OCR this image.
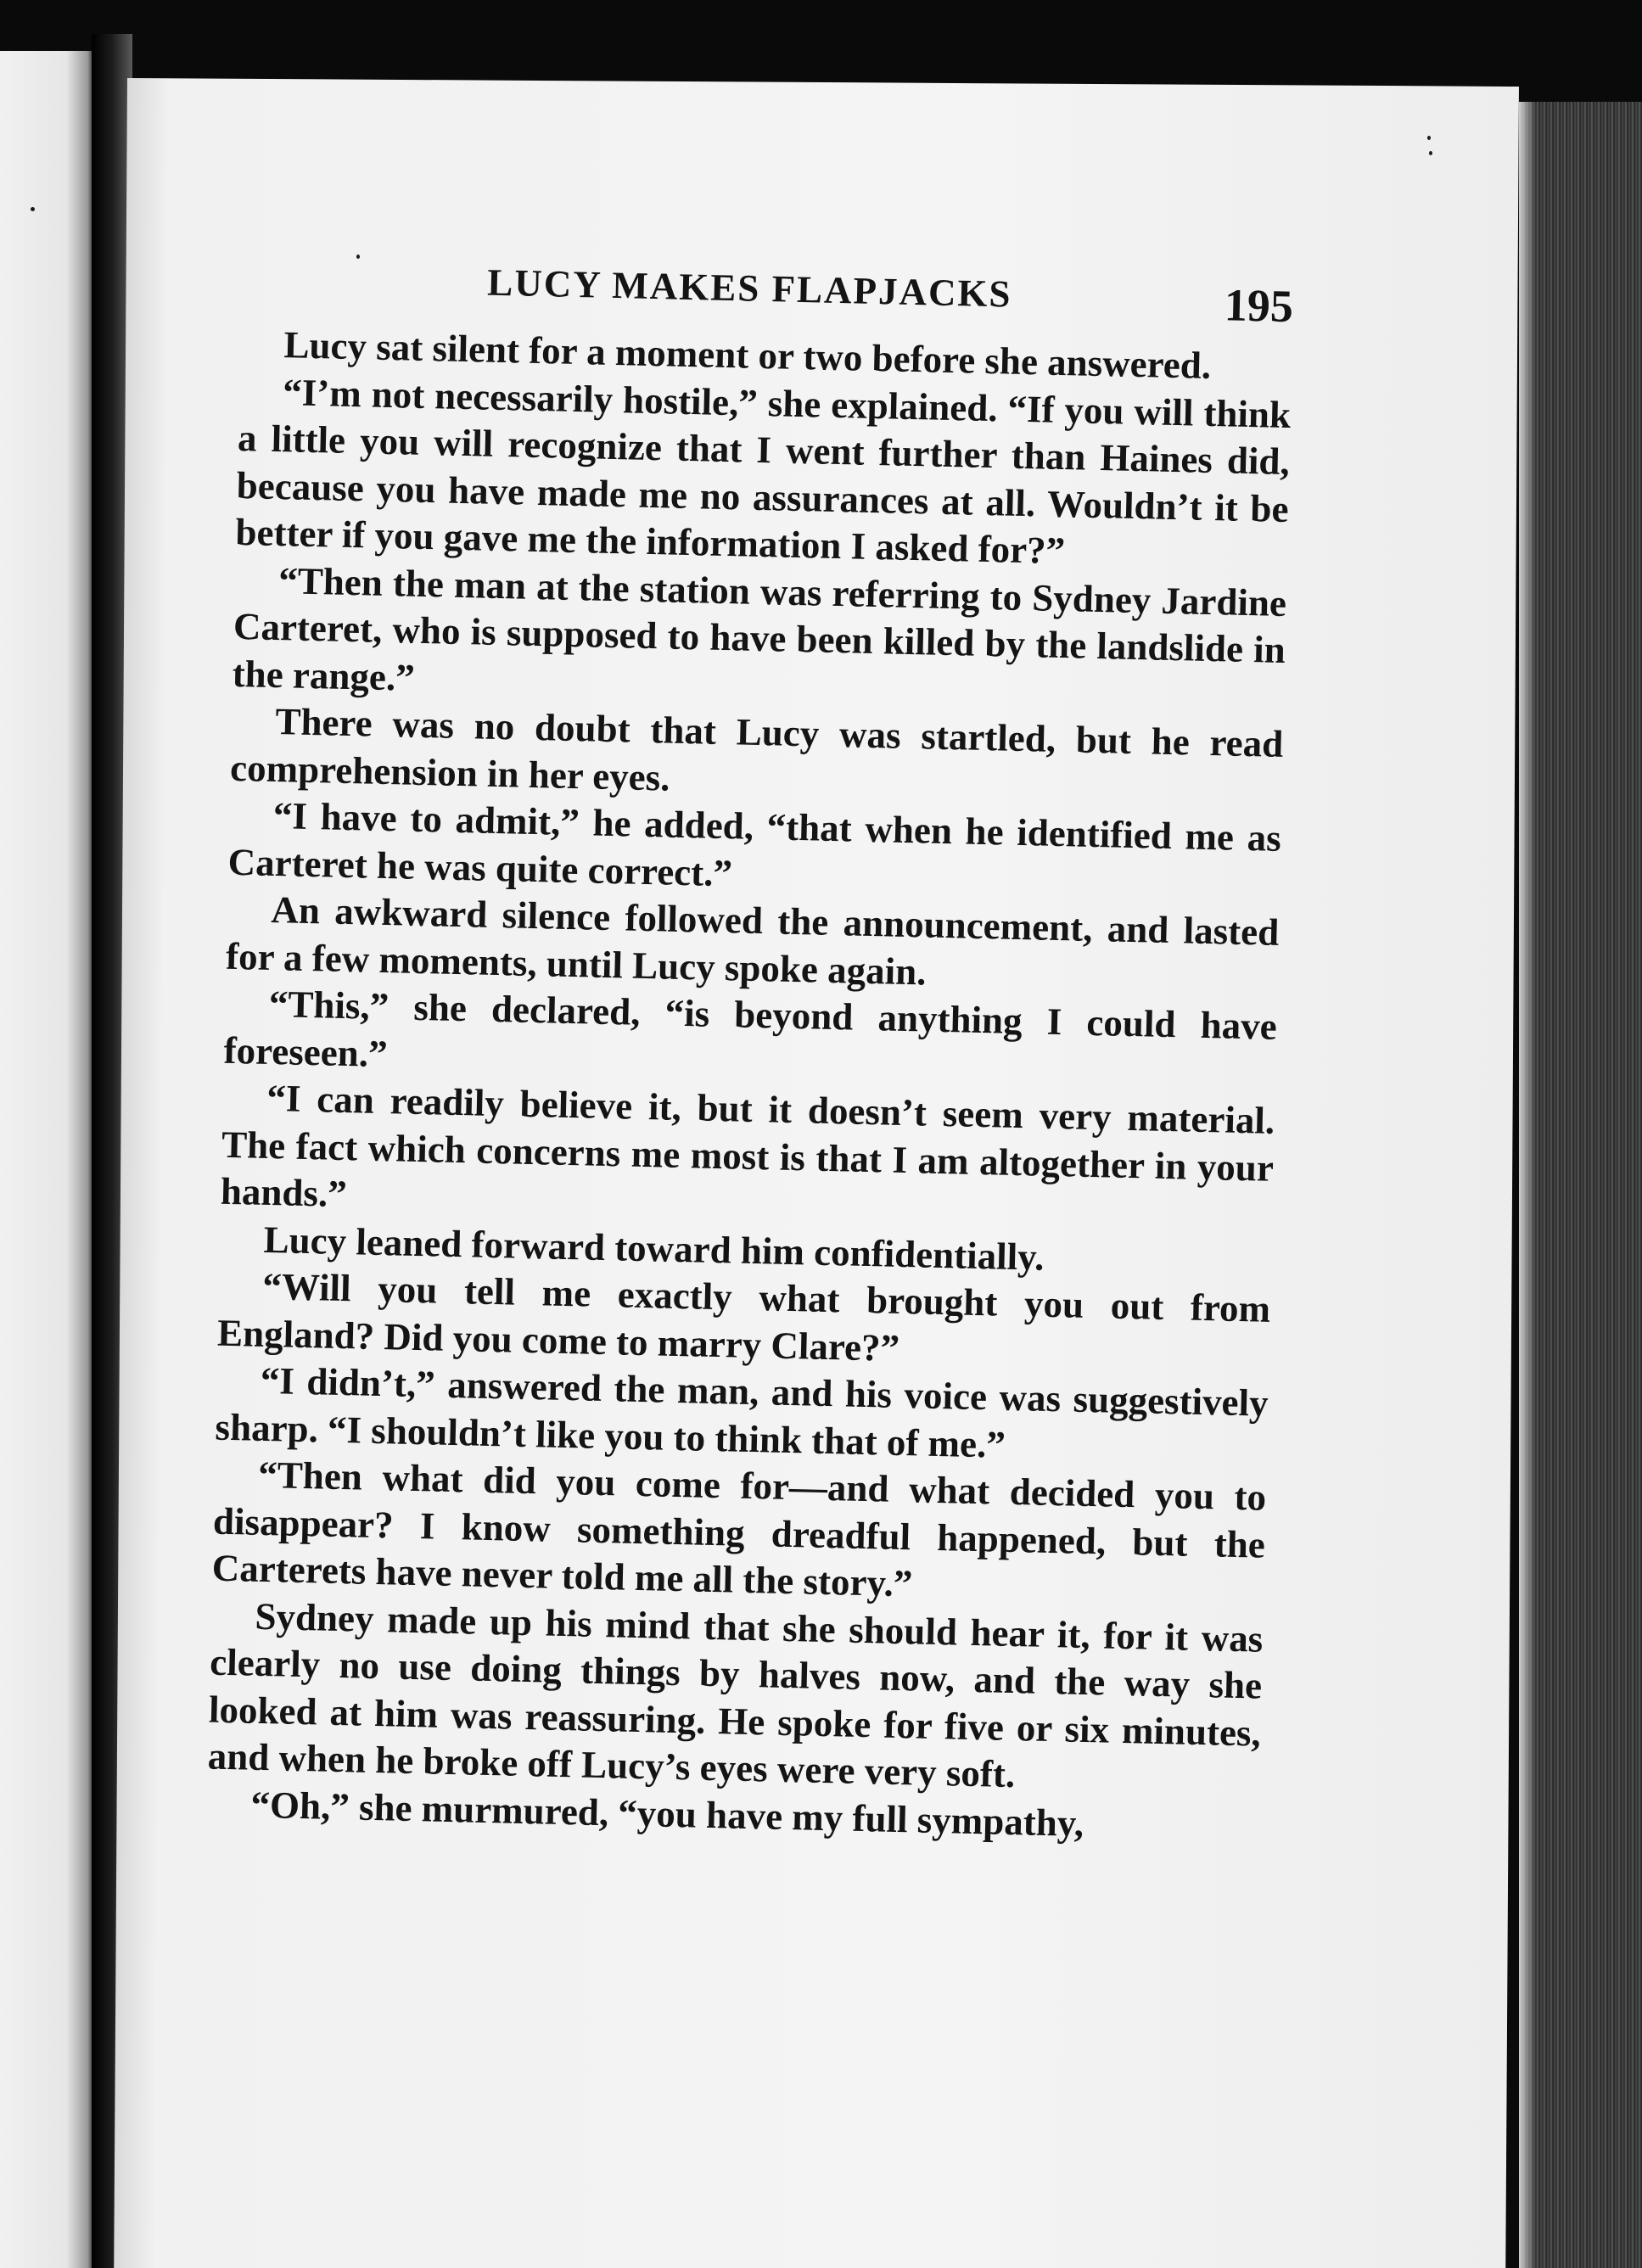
LUCY MAKES FLAPJACKS	195

Lucy sat silent for a moment or two before she answered.

“I’m not necessarily hostile,” she explained. “If you will think a little you will recognize that I went further than Haines did, because you have made me no assurances at all. Wouldn’t it be better if you gave me the information I asked for?”

“Then the man at the station was referring to Sydney Jardine Carteret, who is supposed to have been killed by the landslide in the range.”

There was no doubt that Lucy was startled, but he read comprehension in her eyes.

“I have to admit,” he added, “that when he identified me as Carteret he was quite correct.”

An awkward silence followed the announcement, and lasted for a few moments, until Lucy spoke again.

“This,” she declared, “is beyond anything I could have foreseen.”

“I can readily believe it, but it doesn’t seem very material. The fact which concerns me most is that I am altogether in your hands.”

Lucy leaned forward toward him confidentially.

“Will you tell me exactly what brought you out from England? Did you come to marry Clare?”

“I didn’t,” answered the man, and his voice was suggestively sharp. “I shouldn’t like you to think that of me.”

“Then what did you come for—and what decided you to disappear? I know something dreadful happened, but the Carterets have never told me all the story.”

Sydney made up his mind that she should hear it, for it was clearly no use doing things by halves now, and the way she looked at him was reassuring. He spoke for five or six minutes, and when he broke off Lucy’s eyes were very soft.

“Oh,” she murmured, “you have my full sympathy,
